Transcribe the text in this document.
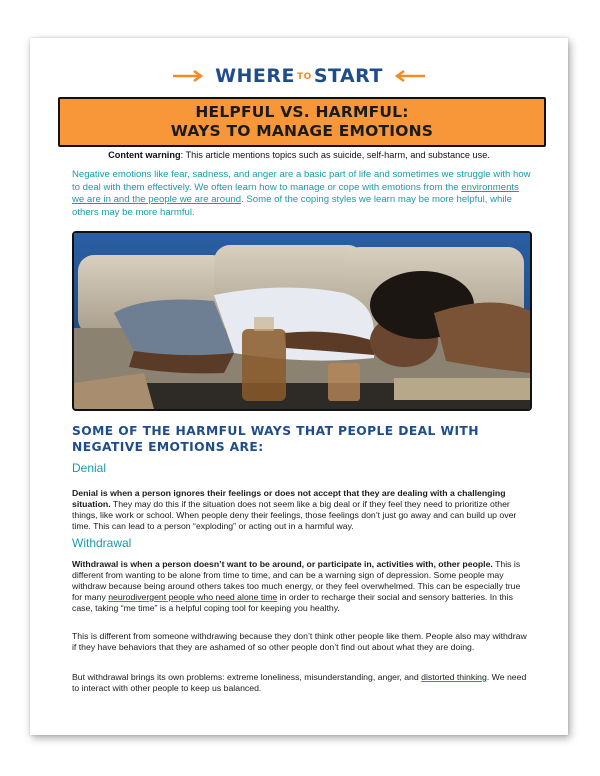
WHERE TO START
HELPFUL VS. HARMFUL:
WAYS TO MANAGE EMOTIONS
Content warning: This article mentions topics such as suicide, self-harm, and substance use.
Negative emotions like fear, sadness, and anger are a basic part of life and sometimes we struggle with how to deal with them effectively. We often learn how to manage or cope with emotions from the environments we are in and the people we are around. Some of the coping styles we learn may be more helpful, while others may be more harmful.
SOME OF THE HARMFUL WAYS THAT PEOPLE DEAL WITH NEGATIVE EMOTIONS ARE:
Denial
Denial is when a person ignores their feelings or does not accept that they are dealing with a challenging situation. They may do this if the situation does not seem like a big deal or if they feel they need to prioritize other things, like work or school. When people deny their feelings, those feelings don’t just go away and can build up over time. This can lead to a person “exploding” or acting out in a harmful way.
Withdrawal
Withdrawal is when a person doesn’t want to be around, or participate in, activities with, other people. This is different from wanting to be alone from time to time, and can be a warning sign of depression. Some people may withdraw because being around others takes too much energy, or they feel overwhelmed. This can be especially true for many neurodivergent people who need alone time in order to recharge their social and sensory batteries. In this case, taking “me time” is a helpful coping tool for keeping you healthy.
This is different from someone withdrawing because they don’t think other people like them. People also may withdraw if they have behaviors that they are ashamed of so other people don’t find out about what they are doing.
But withdrawal brings its own problems: extreme loneliness, misunderstanding, anger, and distorted thinking. We need to interact with other people to keep us balanced.
